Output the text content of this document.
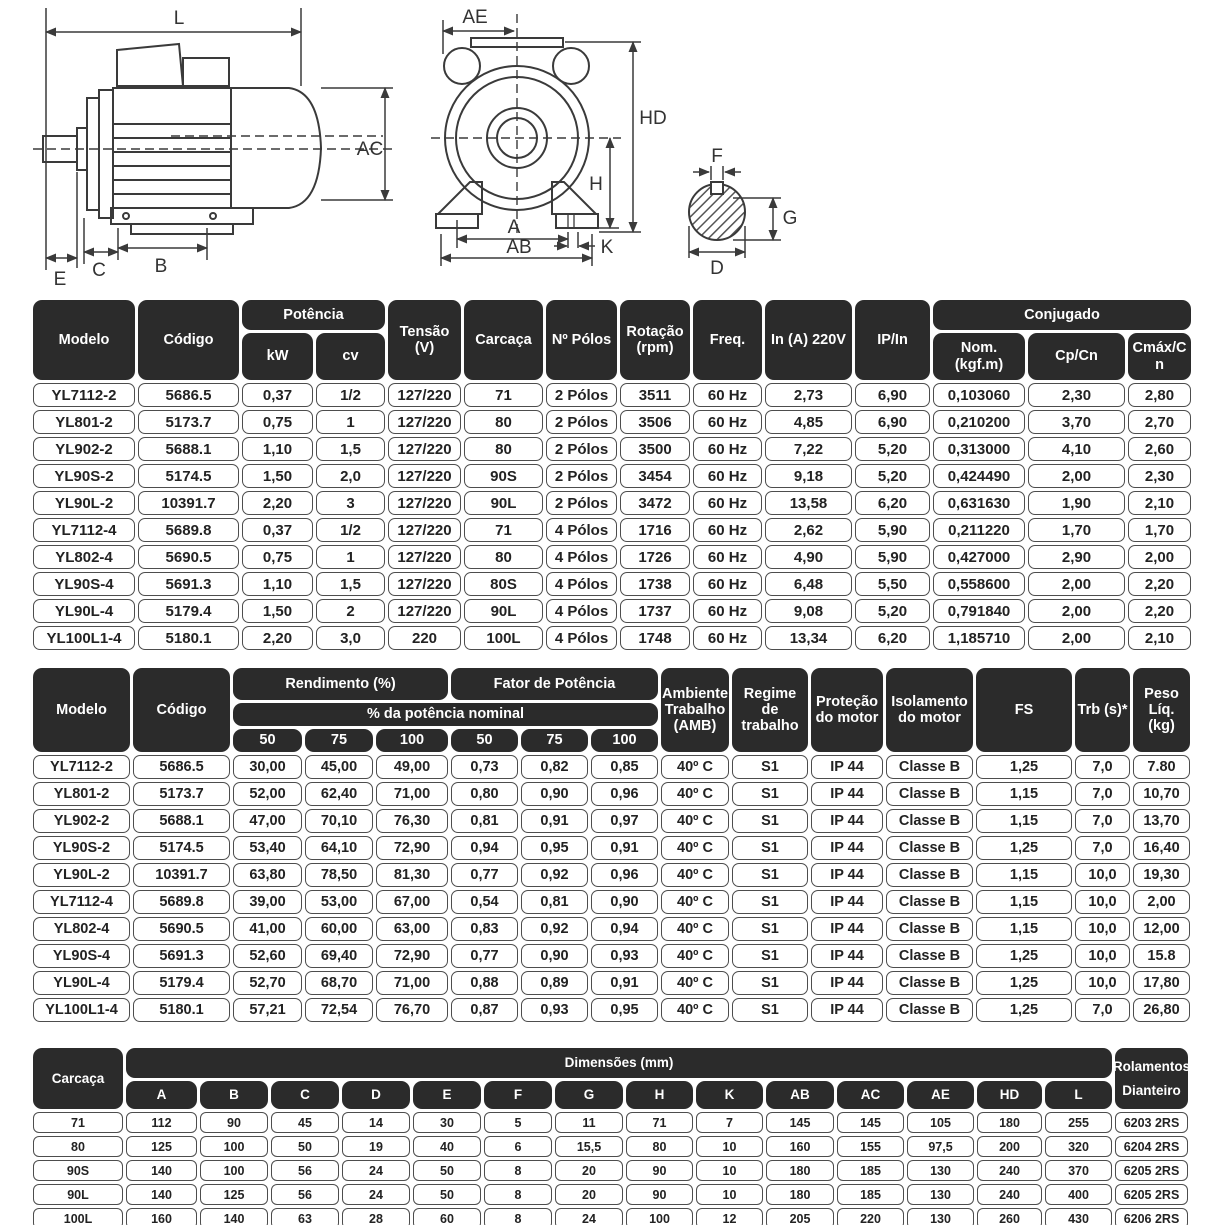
L
AC
E C	B
AE
HD
H
A
AB	K
F
G
D
Modelo	Código
Potência
kW	cv
Tensão (V)
Carcaça	Nº Pólos
Rotação (rpm)
Freq.	In (A) 220V	IP/In
Conjugado
Nom. (kgf.m)
Cp/Cn
Cmáx/Cn
YL7112-2	5686.5	0,37	1/2	127/220	71	2 Pólos	3511	60 Hz	2,73	6,90	0,103060	2,30	2,80
YL801-2	5173.7	0,75	1	127/220	80	2 Pólos	3506	60 Hz	4,85	6,90	0,210200	3,70	2,70
YL902-2	5688.1	1,10	1,5	127/220	80	2 Pólos	3500	60 Hz	7,22	5,20	0,313000	4,10	2,60
YL90S-2	5174.5	1,50	2,0	127/220	90S	2 Pólos	3454	60 Hz	9,18	5,20	0,424490	2,00	2,30
YL90L-2	10391.7	2,20	3	127/220	90L	2 Pólos	3472	60 Hz	13,58	6,20	0,631630	1,90	2,10
YL7112-4	5689.8	0,37	1/2	127/220	71	4 Pólos	1716	60 Hz	2,62	5,90	0,211220	1,70	1,70
YL802-4	5690.5	0,75	1	127/220	80	4 Pólos	1726	60 Hz	4,90	5,90	0,427000	2,90	2,00
YL90S-4	5691.3	1,10	1,5	127/220	80S	4 Pólos	1738	60 Hz	6,48	5,50	0,558600	2,00	2,20
YL90L-4	5179.4	1,50	2	127/220	90L	4 Pólos	1737	60 Hz	9,08	5,20	0,791840	2,00	2,20
YL100L1-4	5180.1	2,20	3,0	220	100L	4 Pólos	1748	60 Hz	13,34	6,20	1,185710	2,00	2,10
Modelo	Código
Rendimento (%)	Fator de Potência
% da potência nominal
50	75	100	50	75	100
Ambiente Trabalho (AMB)
Regime de trabalho
Proteção do motor
Isolamento do motor
FS	Trb (s)*
Peso Líq. (kg)
YL7112-2	5686.5	30,00	45,00	49,00	0,73	0,82	0,85	40º C	S1	IP 44	Classe B	1,25	7,0	7.80
YL801-2	5173.7	52,00	62,40	71,00	0,80	0,90	0,96	40º C	S1	IP 44	Classe B	1,15	7,0	10,70
YL902-2	5688.1	47,00	70,10	76,30	0,81	0,91	0,97	40º C	S1	IP 44	Classe B	1,15	7,0	13,70
YL90S-2	5174.5	53,40	64,10	72,90	0,94	0,95	0,91	40º C	S1	IP 44	Classe B	1,25	7,0	16,40
YL90L-2	10391.7	63,80	78,50	81,30	0,77	0,92	0,96	40º C	S1	IP 44	Classe B	1,15	10,0	19,30
YL7112-4	5689.8	39,00	53,00	67,00	0,54	0,81	0,90	40º C	S1	IP 44	Classe B	1,15	10,0	2,00
YL802-4	5690.5	41,00	60,00	63,00	0,83	0,92	0,94	40º C	S1	IP 44	Classe B	1,15	10,0	12,00
YL90S-4	5691.3	52,60	69,40	72,90	0,77	0,90	0,93	40º C	S1	IP 44	Classe B	1,25	10,0	15.8
YL90L-4	5179.4	52,70	68,70	71,00	0,88	0,89	0,91	40º C	S1	IP 44	Classe B	1,25	10,0	17,80
YL100L1-4	5180.1	57,21	72,54	76,70	0,87	0,93	0,95	40º C	S1	IP 44	Classe B	1,25	7,0	26,80
Carcaça
Dimensões (mm)
A	B	C	D	E	F	G	H	K	AB	AC	AE	HD	L
Rolamentos
Dianteiro
71	112	90	45	14	30	5	11	71	7	145	145	105	180	255	6203 2RS
80	125	100	50	19	40	6	15,5	80	10	160	155	97,5	200	320	6204 2RS
90S	140	100	56	24	50	8	20	90	10	180	185	130	240	370	6205 2RS
90L	140	125	56	24	50	8	20	90	10	180	185	130	240	400	6205 2RS
100L	160	140	63	28	60	8	24	100	12	205	220	130	260	430	6206 2RS
